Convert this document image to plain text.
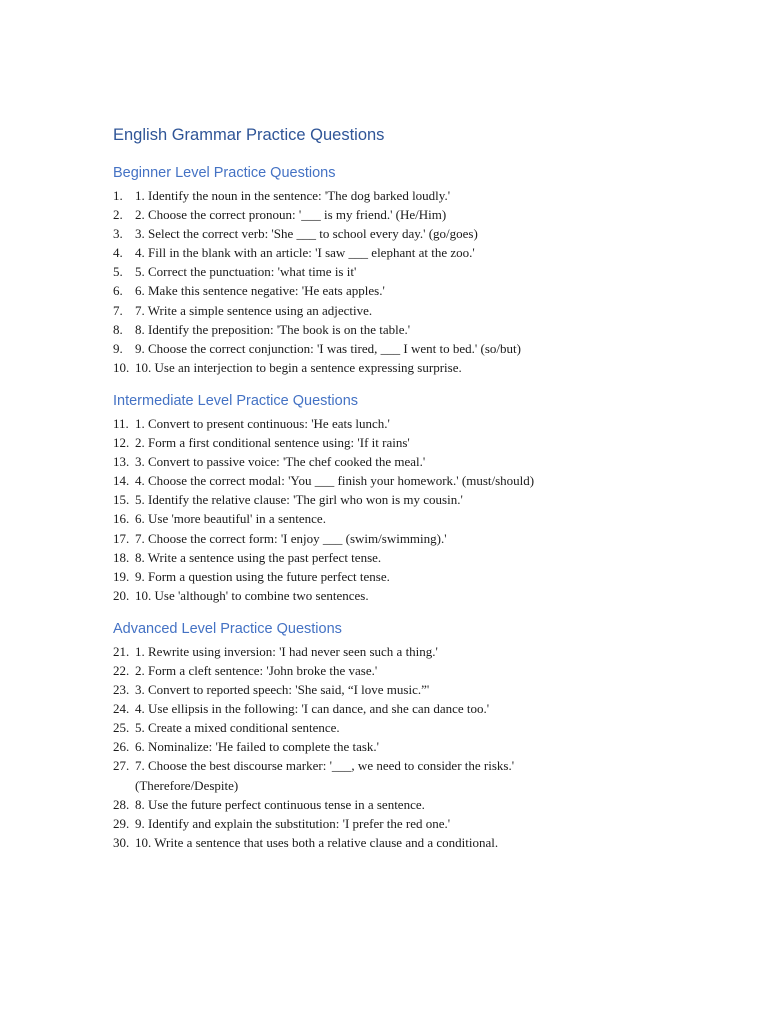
English Grammar Practice Questions
Beginner Level Practice Questions
1. 1. Identify the noun in the sentence: 'The dog barked loudly.'
2. 2. Choose the correct pronoun: '___ is my friend.' (He/Him)
3. 3. Select the correct verb: 'She ___ to school every day.' (go/goes)
4. 4. Fill in the blank with an article: 'I saw ___ elephant at the zoo.'
5. 5. Correct the punctuation: 'what time is it'
6. 6. Make this sentence negative: 'He eats apples.'
7. 7. Write a simple sentence using an adjective.
8. 8. Identify the preposition: 'The book is on the table.'
9. 9. Choose the correct conjunction: 'I was tired, ___ I went to bed.' (so/but)
10. 10. Use an interjection to begin a sentence expressing surprise.
Intermediate Level Practice Questions
11. 1. Convert to present continuous: 'He eats lunch.'
12. 2. Form a first conditional sentence using: 'If it rains'
13. 3. Convert to passive voice: 'The chef cooked the meal.'
14. 4. Choose the correct modal: 'You ___ finish your homework.' (must/should)
15. 5. Identify the relative clause: 'The girl who won is my cousin.'
16. 6. Use 'more beautiful' in a sentence.
17. 7. Choose the correct form: 'I enjoy ___ (swim/swimming).'
18. 8. Write a sentence using the past perfect tense.
19. 9. Form a question using the future perfect tense.
20. 10. Use 'although' to combine two sentences.
Advanced Level Practice Questions
21. 1. Rewrite using inversion: 'I had never seen such a thing.'
22. 2. Form a cleft sentence: 'John broke the vase.'
23. 3. Convert to reported speech: 'She said, “I love music.”'
24. 4. Use ellipsis in the following: 'I can dance, and she can dance too.'
25. 5. Create a mixed conditional sentence.
26. 6. Nominalize: 'He failed to complete the task.'
27. 7. Choose the best discourse marker: '___, we need to consider the risks.' (Therefore/Despite)
28. 8. Use the future perfect continuous tense in a sentence.
29. 9. Identify and explain the substitution: 'I prefer the red one.'
30. 10. Write a sentence that uses both a relative clause and a conditional.
